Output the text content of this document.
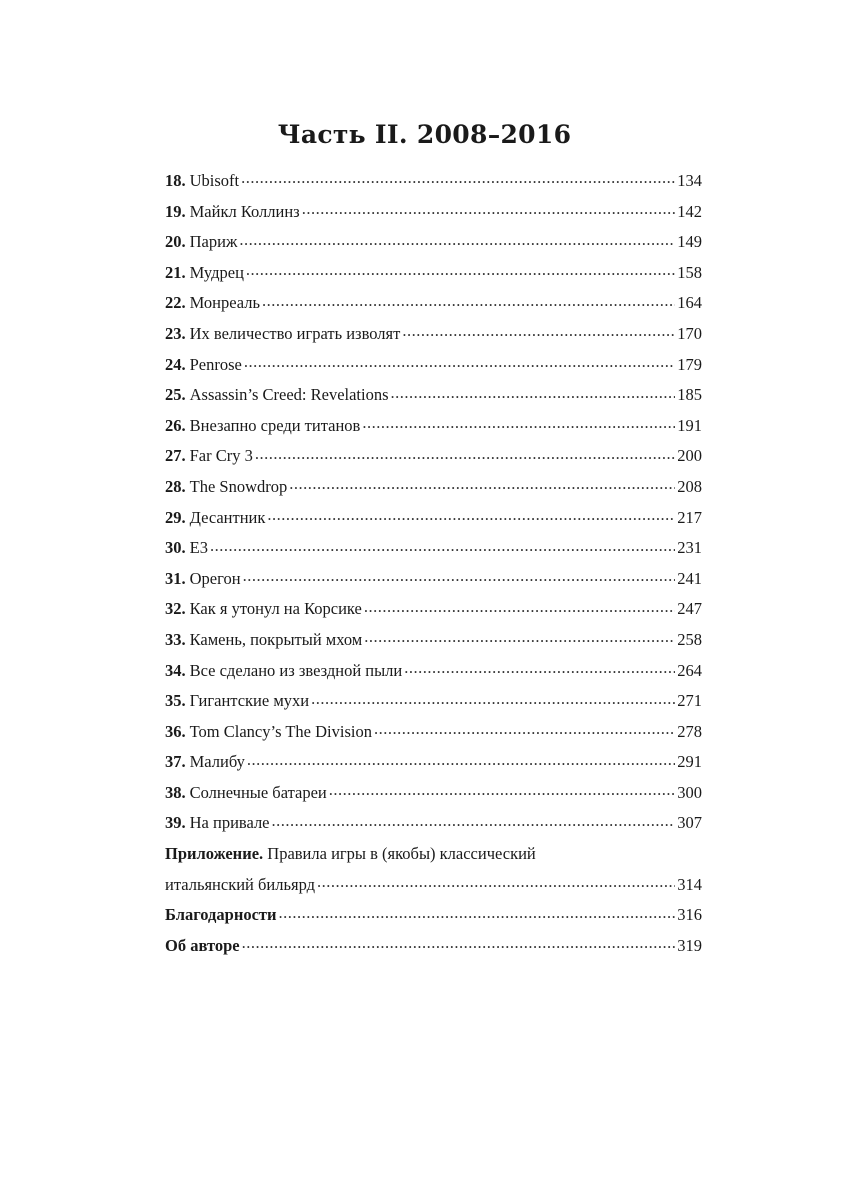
Часть II. 2008–2016
18. Ubisoft .....	134
19. Майкл Коллинз .....	142
20. Париж .....	149
21. Мудрец .....	158
22. Монреаль .....	164
23. Их величество играть изволят .....	170
24. Penrose .....	179
25. Assassin’s Creed: Revelations .....	185
26. Внезапно среди титанов .....	191
27. Far Cry 3 .....	200
28. The Snowdrop .....	208
29. Десантник .....	217
30. E3 .....	231
31. Орегон .....	241
32. Как я утонул на Корсике .....	247
33. Камень, покрытый мхом .....	258
34. Все сделано из звездной пыли .....	264
35. Гигантские мухи .....	271
36. Tom Clancy’s The Division .....	278
37. Малибу .....	291
38. Солнечные батареи .....	300
39. На привале .....	307
Приложение. Правила игры в (якобы) классический
итальянский бильярд .....	314
Благодарности .....	316
Об авторе .....	319
